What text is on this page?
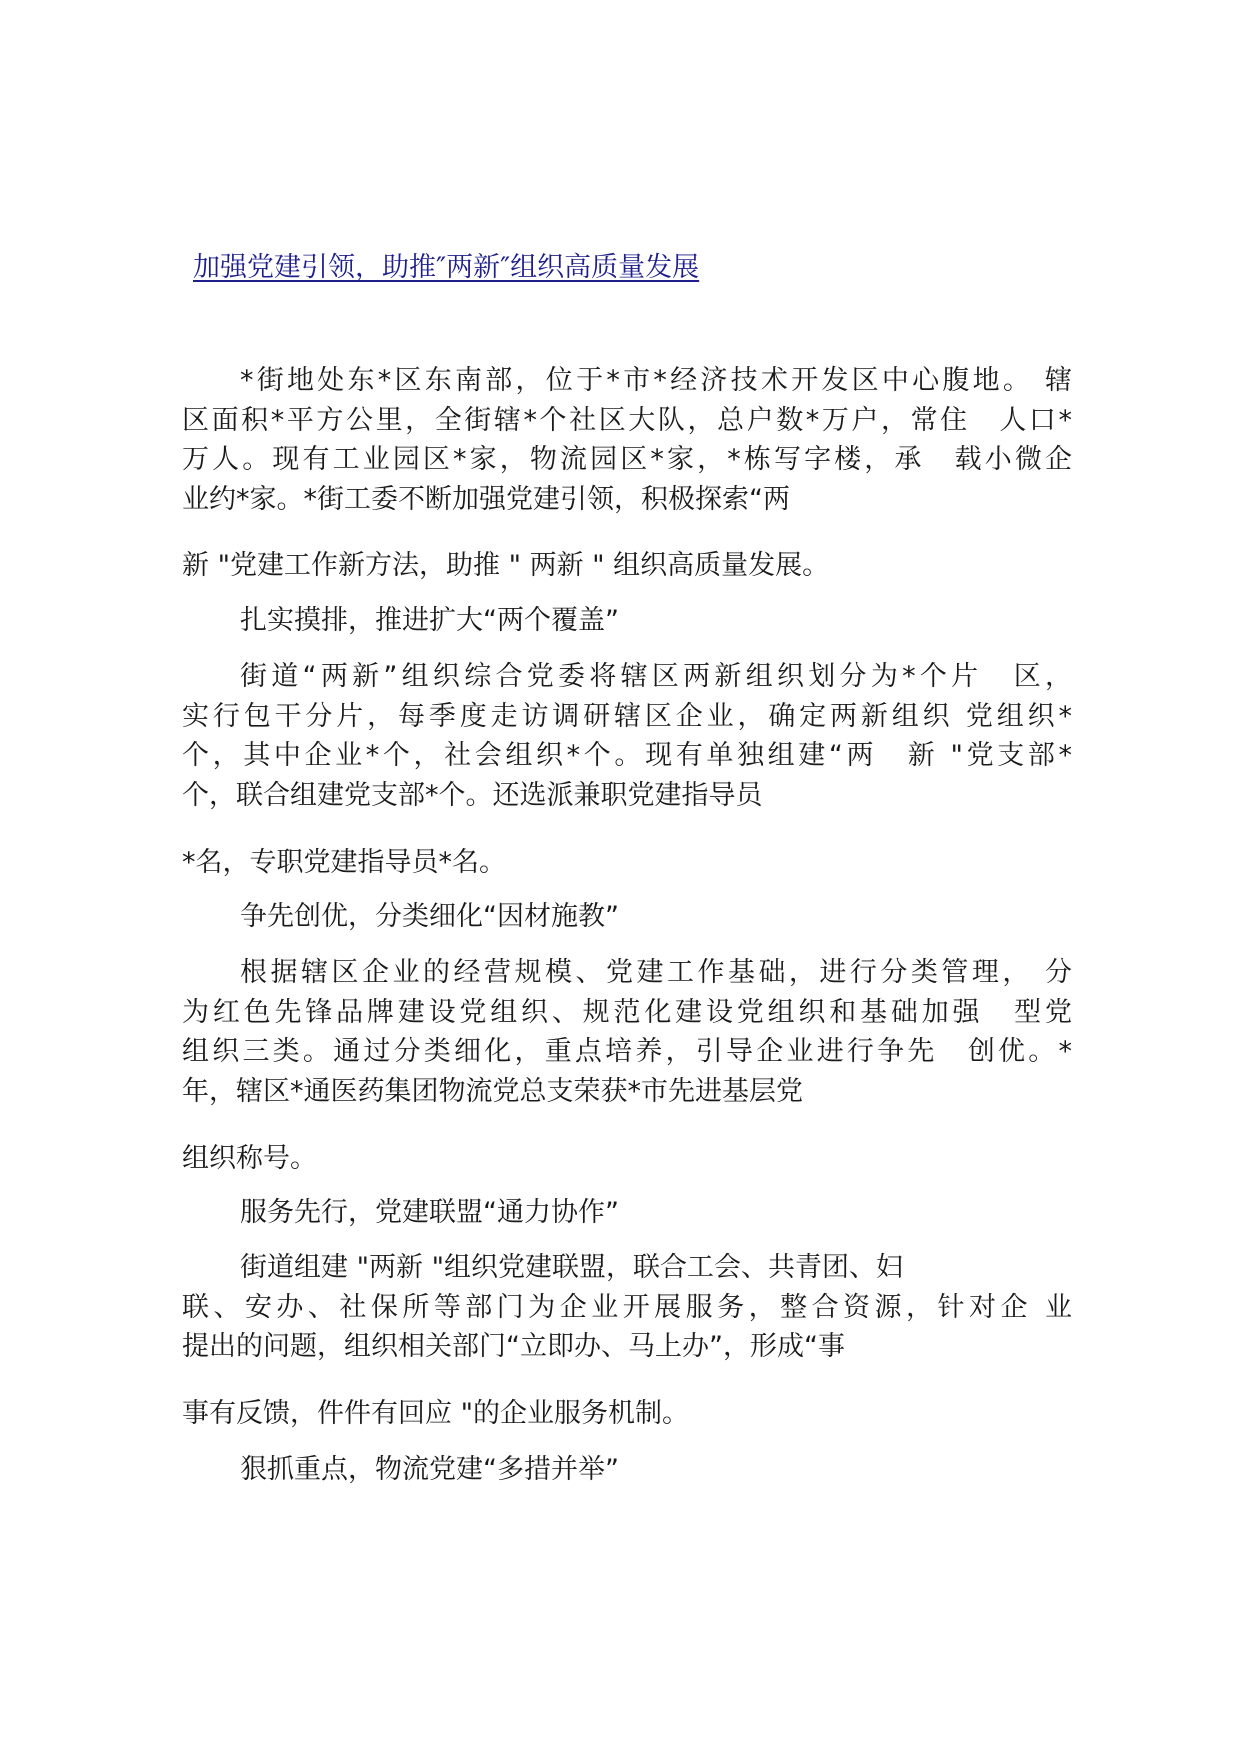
加强党建引领，助推″两新″组织高质量发展
*街地处东*区东南部，位于*市*经济技术开发区中心腹地。 辖
区面积*平方公里，全街辖*个社区大队，总户数*万户，常住　人口*
万人。现有工业园区*家，物流园区*家，*栋写字楼，承　载小微企
业约*家。*街工委不断加强党建引领，积极探索“两
新 "党建工作新方法，助推 " 两新 " 组织高质量发展。
扎实摸排，推进扩大“两个覆盖”
街道“两新”组织综合党委将辖区两新组织划分为*个片　区，
实行包干分片，每季度走访调研辖区企业，确定两新组织 党组织*
个，其中企业*个，社会组织*个。现有单独组建“两　新 "党支部*
个，联合组建党支部*个。还选派兼职党建指导员
*名，专职党建指导员*名。
争先创优，分类细化“因材施教”
根据辖区企业的经营规模、党建工作基础，进行分类管理， 分
为红色先锋品牌建设党组织、规范化建设党组织和基础加强　型党
组织三类。通过分类细化，重点培养，引导企业进行争先　创优。*
年，辖区*通医药集团物流党总支荣获*市先进基层党
组织称号。
服务先行，党建联盟“通力协作”
街道组建 "两新 "组织党建联盟，联合工会、共青团、妇
联、安办、社保所等部门为企业开展服务，整合资源，针对企 业
提出的问题，组织相关部门“立即办、马上办”，形成“事
事有反馈，件件有回应 "的企业服务机制。
狠抓重点，物流党建“多措并举”
